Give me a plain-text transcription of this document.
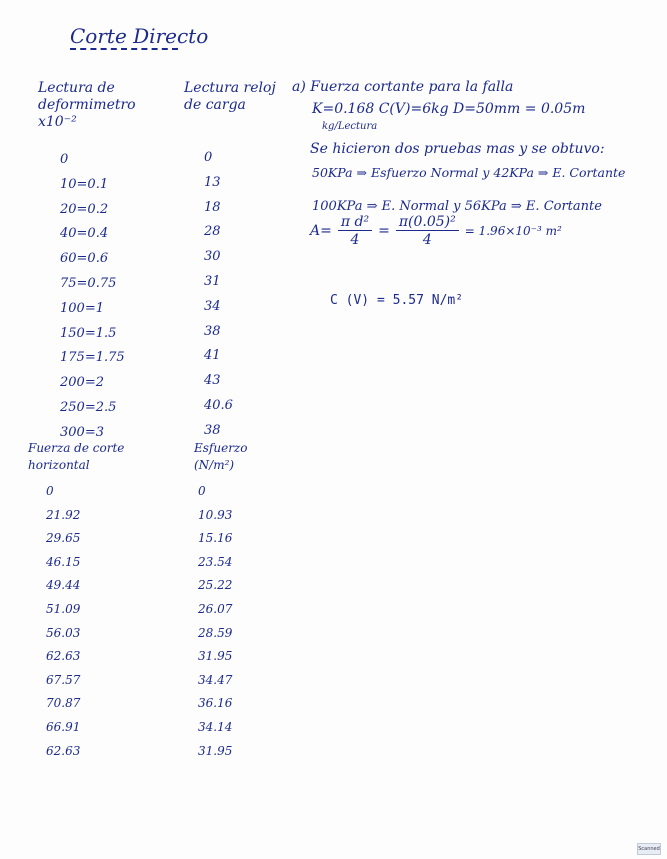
Corte Directo
Lectura de deformimetro x10⁻²
Lectura reloj de carga
0
10=0.1
20=0.2
40=0.4
60=0.6
75=0.75
100=1
150=1.5
175=1.75
200=2
250=2.5
300=3
0
13
18
28
30
31
34
38
41
43
40.6
38
Fuerza de corte horizontal
Esfuerzo (N/m²)
0
21.92
29.65
46.15
49.44
51.09
56.03
62.63
67.57
70.87
66.91
62.63
0
10.93
15.16
23.54
25.22
26.07
28.59
31.95
34.47
36.16
34.14
31.95
a) Fuerza cortante para la falla
K=0.168 C(V)=6kg D=50mm = 0.05m
kg/Lectura
Se hicieron dos pruebas mas y se obtuvo:
50KPa ⇒ Esfuerzo Normal y 42KPa ⇒ E. Cortante
100KPa ⇒ E. Normal y 56KPa ⇒ E. Cortante
$A= \frac{\text{π d²}}{4} = \frac{\text{π(0.05)²}}{4} = 1.96\times 10^{-3}$ m²
C (V) = 5.57 N/m²
Scanned
